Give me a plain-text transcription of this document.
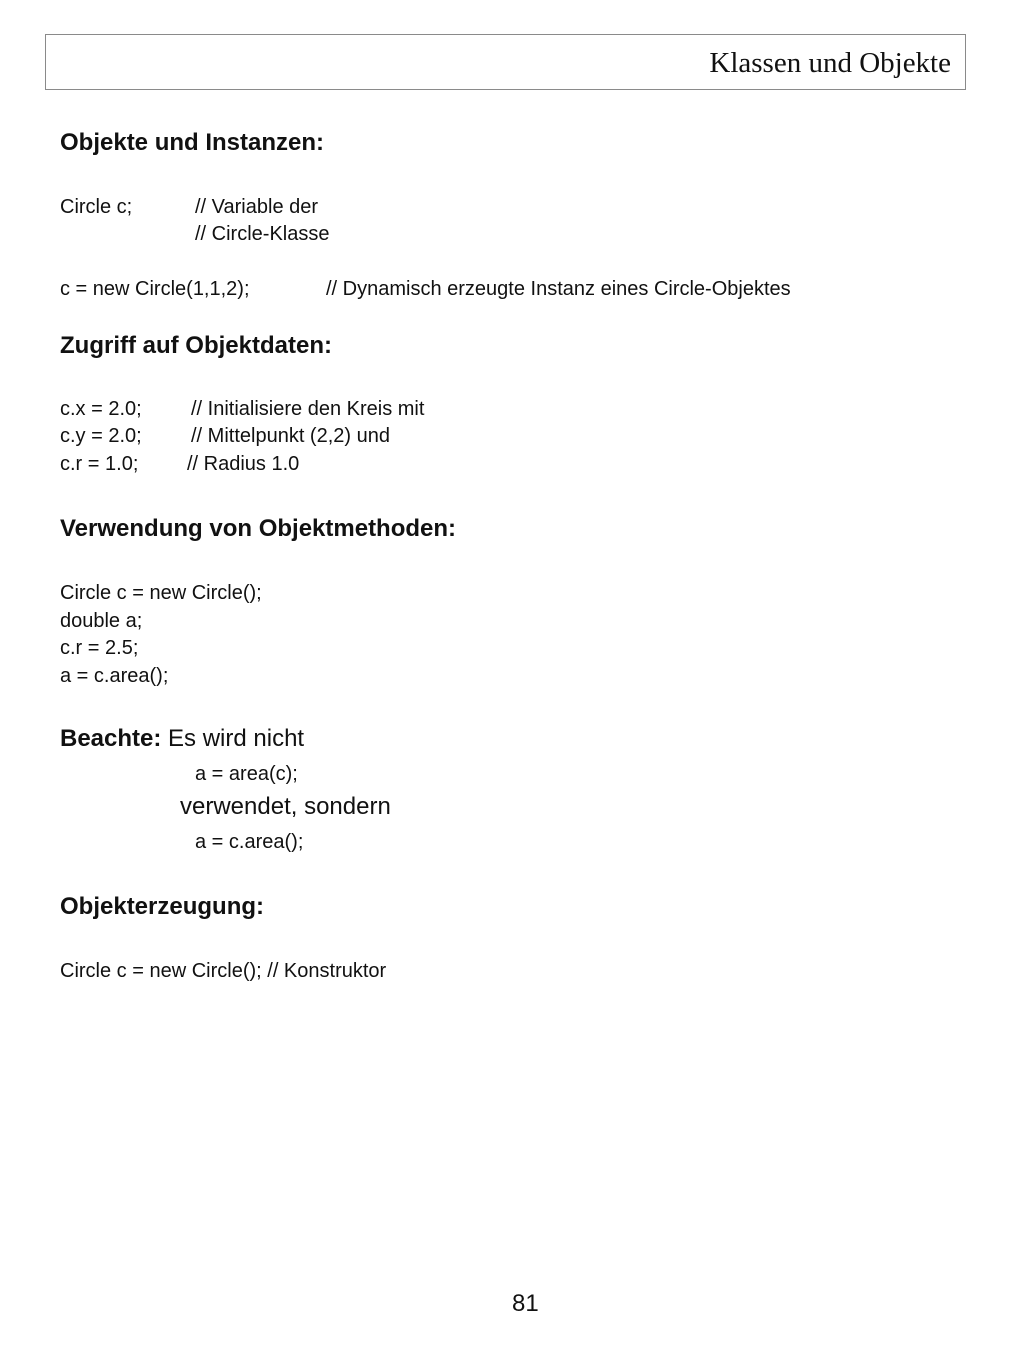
Klassen und Objekte
Objekte und Instanzen:
Circle c;	// Variable der
// Circle-Klasse
c = new Circle(1,1,2);	// Dynamisch erzeugte Instanz eines Circle-Objektes
Zugriff auf Objektdaten:
c.x = 2.0; // Initialisiere den Kreis mit
c.y = 2.0; // Mittelpunkt (2,2) und
c.r = 1.0; // Radius 1.0
Verwendung von Objektmethoden:
Circle c = new Circle();
double a;
c.r = 2.5;
a = c.area();
Beachte: Es wird nicht
a = area(c);
verwendet, sondern
a = c.area();
Objekterzeugung:
Circle c = new Circle(); // Konstruktor
81
